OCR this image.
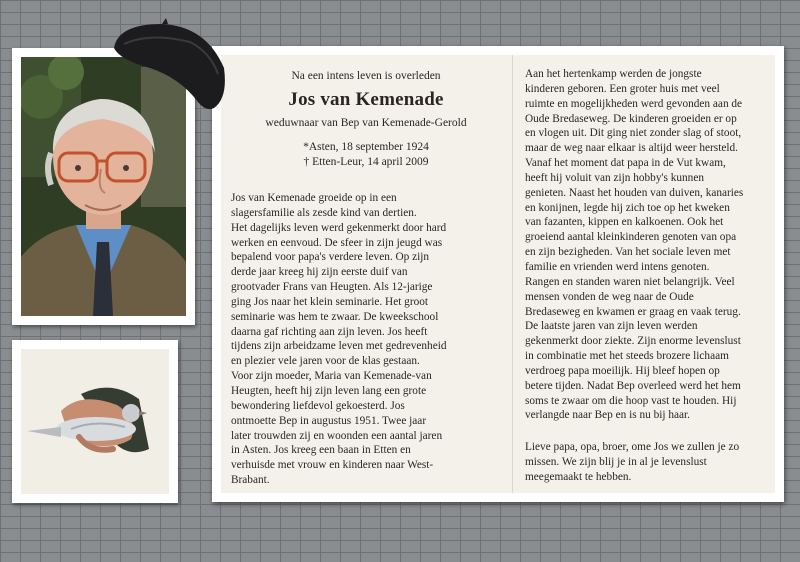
Na een intens leven is overleden
Jos van Kemenade
weduwnaar van Bep van Kemenade-Gerold
*Asten, 18 september 1924
† Etten-Leur, 14 april 2009
Jos van Kemenade groeide op in een
slagersfamilie als zesde kind van dertien.
Het dagelijks leven werd gekenmerkt door hard
werken en eenvoud. De sfeer in zijn jeugd was
bepalend voor papa's verdere leven. Op zijn
derde jaar kreeg hij zijn eerste duif van
grootvader Frans van Heugten. Als 12-jarige
ging Jos naar het klein seminarie. Het groot
seminarie was hem te zwaar. De kweekschool
daarna gaf richting aan zijn leven. Jos heeft
tijdens zijn arbeidzame leven met gedrevenheid
en plezier vele jaren voor de klas gestaan.
Voor zijn moeder, Maria van Kemenade-van
Heugten, heeft hij zijn leven lang een grote
bewondering liefdevol gekoesterd. Jos
ontmoette Bep in augustus 1951. Twee jaar
later trouwden zij en woonden een aantal jaren
in Asten. Jos kreeg een baan in Etten en
verhuisde met vrouw en kinderen naar West-
Brabant.
Aan het hertenkamp werden de jongste
kinderen geboren. Een groter huis met veel
ruimte en mogelijkheden werd gevonden aan de
Oude Bredaseweg. De kinderen groeiden er op
en vlogen uit. Dit ging niet zonder slag of stoot,
maar de weg naar elkaar is altijd weer hersteld.
Vanaf het moment dat papa in de Vut kwam,
heeft hij voluit van zijn hobby's kunnen
genieten. Naast het houden van duiven, kanaries
en konijnen, legde hij zich toe op het kweken
van fazanten, kippen en kalkoenen. Ook het
groeiend aantal kleinkinderen genoten van opa
en zijn bezigheden. Van het sociale leven met
familie en vrienden werd intens genoten.
Rangen en standen waren niet belangrijk. Veel
mensen vonden de weg naar de Oude
Bredaseweg en kwamen er graag en vaak terug.
De laatste jaren van zijn leven werden
gekenmerkt door ziekte. Zijn enorme levenslust
in combinatie met het steeds brozere lichaam
verdroeg papa moeilijk. Hij bleef hopen op
betere tijden. Nadat Bep overleed werd het hem
soms te zwaar om die hoop vast te houden. Hij
verlangde naar Bep en is nu bij haar.
Lieve papa, opa, broer, ome Jos we zullen je zo
missen. We zijn blij je in al je levenslust
meegemaakt te hebben.
